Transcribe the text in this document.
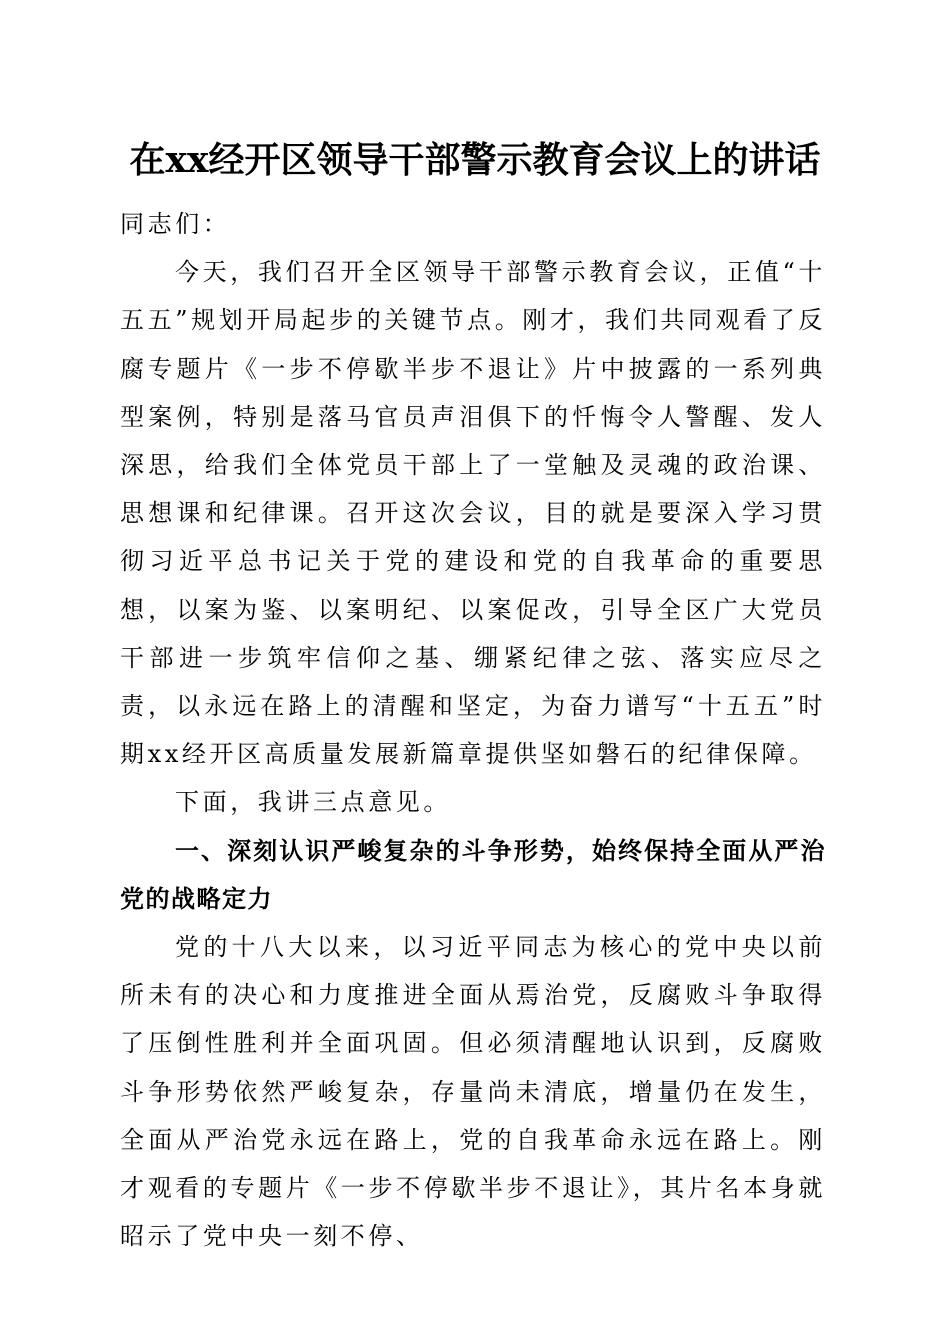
在xx经开区领导干部警示教育会议上的讲话

同志们：

今天，我们召开全区领导干部警示教育会议，正值“十五五”规划开局起步的关键节点。刚才，我们共同观看了反腐专题片《一步不停歇半步不退让》片中披露的一系列典型案例，特别是落马官员声泪俱下的忏悔令人警醒、发人深思，给我们全体党员干部上了一堂触及灵魂的政治课、思想课和纪律课。召开这次会议，目的就是要深入学习贯彻习近平总书记关于党的建设和党的自我革命的重要思想，以案为鉴、以案明纪、以案促改，引导全区广大党员干部进一步筑牢信仰之基、绷紧纪律之弦、落实应尽之责，以永远在路上的清醒和坚定，为奋力谱写“十五五”时期xx经开区高质量发展新篇章提供坚如磐石的纪律保障。

下面，我讲三点意见。

一、深刻认识严峻复杂的斗争形势，始终保持全面从严治党的战略定力

党的十八大以来，以习近平同志为核心的党中央以前所未有的决心和力度推进全面从焉治党，反腐败斗争取得了压倒性胜利并全面巩固。但必须清醒地认识到，反腐败斗争形势依然严峻复杂，存量尚未清底，增量仍在发生，全面从严治党永远在路上，党的自我革命永远在路上。刚才观看的专题片《一步不停歇半步不退让》，其片名本身就昭示了党中央一刻不停、
